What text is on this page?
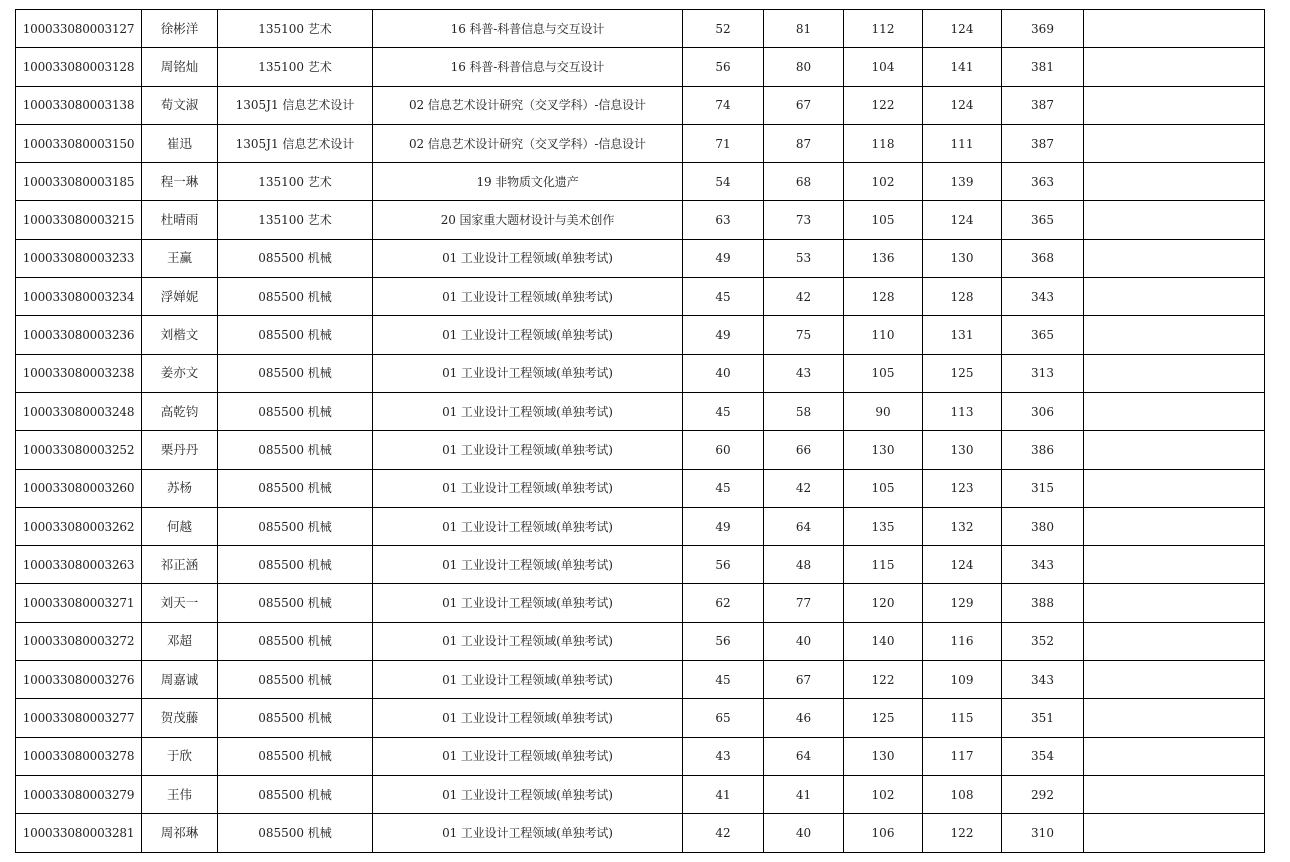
100033080003127	徐彬洋	135100 艺术	16 科普-科普信息与交互设计	52	81	112	124	369	
100033080003128	周铭灿	135100 艺术	16 科普-科普信息与交互设计	56	80	104	141	381	
100033080003138	荀文淑	1305J1 信息艺术设计	02 信息艺术设计研究（交叉学科）-信息设计	74	67	122	124	387	
100033080003150	崔迅	1305J1 信息艺术设计	02 信息艺术设计研究（交叉学科）-信息设计	71	87	118	111	387	
100033080003185	程一琳	135100 艺术	19 非物质文化遗产	54	68	102	139	363	
100033080003215	杜晴雨	135100 艺术	20 国家重大题材设计与美术创作	63	73	105	124	365	
100033080003233	王赢	085500 机械	01 工业设计工程领域(单独考试)	49	53	136	130	368	
100033080003234	浮婵妮	085500 机械	01 工业设计工程领域(单独考试)	45	42	128	128	343	
100033080003236	刘楷文	085500 机械	01 工业设计工程领域(单独考试)	49	75	110	131	365	
100033080003238	姜亦文	085500 机械	01 工业设计工程领域(单独考试)	40	43	105	125	313	
100033080003248	高乾钧	085500 机械	01 工业设计工程领域(单独考试)	45	58	90	113	306	
100033080003252	栗丹丹	085500 机械	01 工业设计工程领域(单独考试)	60	66	130	130	386	
100033080003260	苏杨	085500 机械	01 工业设计工程领域(单独考试)	45	42	105	123	315	
100033080003262	何越	085500 机械	01 工业设计工程领域(单独考试)	49	64	135	132	380	
100033080003263	祁正涵	085500 机械	01 工业设计工程领域(单独考试)	56	48	115	124	343	
100033080003271	刘天一	085500 机械	01 工业设计工程领域(单独考试)	62	77	120	129	388	
100033080003272	邓超	085500 机械	01 工业设计工程领域(单独考试)	56	40	140	116	352	
100033080003276	周嘉诚	085500 机械	01 工业设计工程领域(单独考试)	45	67	122	109	343	
100033080003277	贺茂藤	085500 机械	01 工业设计工程领域(单独考试)	65	46	125	115	351	
100033080003278	于欣	085500 机械	01 工业设计工程领域(单独考试)	43	64	130	117	354	
100033080003279	王伟	085500 机械	01 工业设计工程领域(单独考试)	41	41	102	108	292	
100033080003281	周祁琳	085500 机械	01 工业设计工程领域(单独考试)	42	40	106	122	310	
